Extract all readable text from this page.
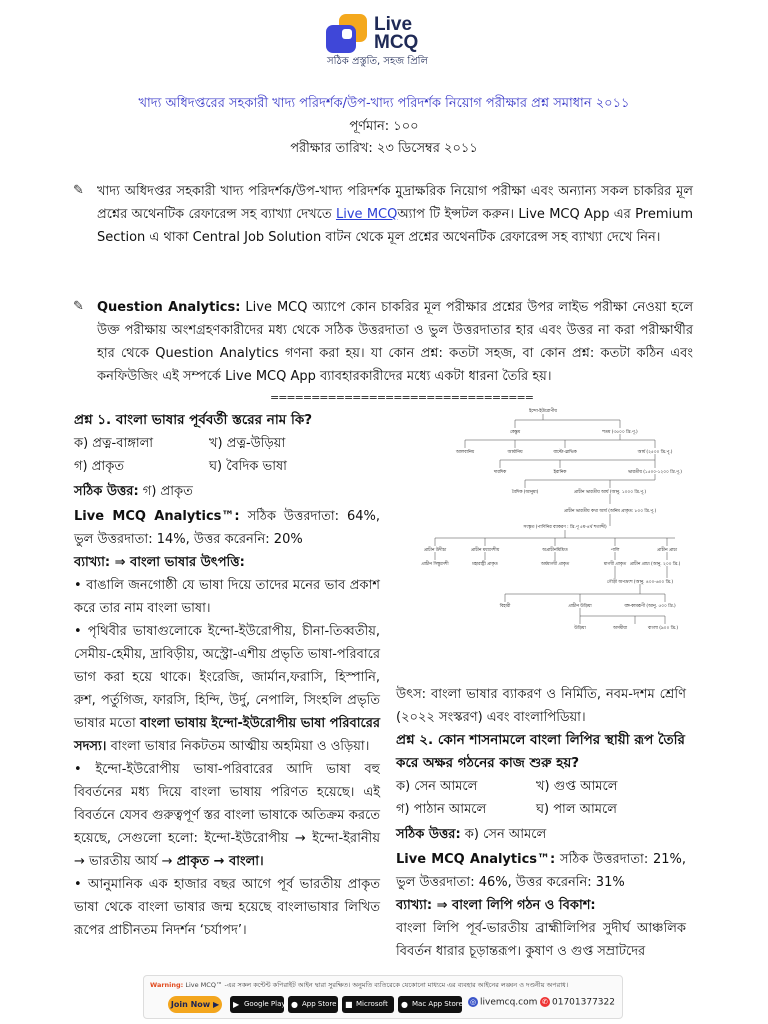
Live
MCQ
সঠিক প্রস্তুতি, সহজ প্রিলি
খাদ্য অধিদপ্তরের সহকারী খাদ্য পরিদর্শক/উপ-খাদ্য পরিদর্শক নিয়োগ পরীক্ষার প্রশ্ন সমাধান ২০১১
পূর্ণমান: ১০০
পরীক্ষার তারিখ: ২৩ ডিসেম্বর ২০১১
✎ খাদ্য অধিদপ্তর সহকারী খাদ্য পরিদর্শক/উপ-খাদ্য পরিদর্শক মুদ্রাক্ষরিক নিয়োগ পরীক্ষা এবং অন্যান্য সকল চাকরির মূল প্রশ্নের অথেনটিক রেফারেন্স সহ ব্যাখ্যা দেখতে Live MCQঅ্যাপ টি ইন্সটল করুন। Live MCQ App এর Premium Section এ থাকা Central Job Solution বাটন থেকে মূল প্রশ্নের অথেনটিক রেফারেন্স সহ ব্যাখ্যা দেখে নিন।
✎ Question Analytics: Live MCQ অ্যাপে কোন চাকরির মূল পরীক্ষার প্রশ্নের উপর লাইভ পরীক্ষা নেওয়া হলে উক্ত পরীক্ষায় অংশগ্রহণকারীদের মধ্য থেকে সঠিক উত্তরদাতা ও ভুল উত্তরদাতার হার এবং উত্তর না করা পরীক্ষার্থীর হার থেকে Question Analytics গণনা করা হয়। যা কোন প্রশ্ন: কতটা সহজ, বা কোন প্রশ্ন: কতটা কঠিন এবং কনফিউজিং এই সম্পর্কে Live MCQ App ব্যাবহারকারীদের মধ্যে একটা ধারনা তৈরি হয়।
================================
প্রশ্ন ১. বাংলা ভাষার পূর্ববর্তী স্তরের নাম কি?
ক) প্রত্ন-বাঙ্গালা	খ) প্রত্ন-উড়িয়া
গ) প্রাকৃত	ঘ) বৈদিক ভাষা
সঠিক উত্তর: গ) প্রাকৃত
Live MCQ Analytics™: সঠিক উত্তরদাতা: 64%, ভুল উত্তরদাতা: 14%, উত্তর করেননি: 20%
ব্যাখ্যা: ⇒ বাংলা ভাষার উৎপত্তি:
• বাঙালি জনগোষ্ঠী যে ভাষা দিয়ে তাদের মনের ভাব প্রকাশ করে তার নাম বাংলা ভাষা।
• পৃথিবীর ভাষাগুলোকে ইন্দো-ইউরোপীয়, চীনা-তিব্বতীয়, সেমীয়-হেমীয়, দ্রাবিড়ীয়, অস্ট্রো-এশীয় প্রভৃতি ভাষা-পরিবারে ভাগ করা হয়ে থাকে। ইংরেজি, জার্মান,ফরাসি, হিস্পানি, রুশ, পর্তুগিজ, ফারসি, হিন্দি, উর্দু, নেপালি, সিংহলি প্রভৃতি ভাষার মতো বাংলা ভাষায় ইন্দো-ইউরোপীয় ভাষা পরিবারের সদস্য। বাংলা ভাষার নিকটতম আত্মীয় অহমিয়া ও ওড়িয়া।
• ইন্দো-ইউরোপীয় ভাষা-পরিবারের আদি ভাষা বহু বিবর্তনের মধ্য দিয়ে বাংলা ভাষায় পরিণত হয়েছে। এই বিবর্তনে যেসব গুরুত্বপূর্ণ স্তর বাংলা ভাষাকে অতিক্রম করতে হয়েছে, সেগুলো হলো: ইন্দো-ইউরোপীয় → ইন্দো-ইরানীয় → ভারতীয় আর্য → প্রাকৃত → বাংলা।
• আনুমানিক এক হাজার বছর আগে পূর্ব ভারতীয় প্রাকৃত ভাষা থেকে বাংলা ভাষার জন্ম হয়েছে বাংলাভাষার লিখিত রূপের প্রাচীনতম নিদর্শন ‘চর্যাপদ’।
ইন্দো-ইউরোপীয়
কেন্তুম	শতম (৩৫০০ খ্রি.পূ.)
আলবানিয়	আর্মানিয়	বাল্টো-স্লাভিক	আর্য (২৫০০ খ্রি.পূ.)
দারদিক	ইরানিক	ভারতীয় (১৫০০-১২০০ খ্রি.পূ.)
বৈদিক (আনুমা)	প্রাচীন ভারতীয় আর্য (আনু. ১০০০ খ্রি.পূ.)
প্রাচীন ভারতীয় কথ্য আর্য (অনিম প্রাকৃত: ৮০০ খ্রি.পূ.)
সংস্কৃত (পাণিনির ব্যাকরণ : খ্রি.পূ ৫ম-৪র্থ শতাব্দী)
প্রাচীন উদীচ্য	প্রাচীন মধ্যদেশীয়	অপ্রাচীনমিশ্রিত	পালি	প্রাচীন প্রাচ্য
প্রাচীন সিন্ধুদেশী	মহারাষ্ট্রী প্রাকৃত	অর্ধমাগধী প্রাকৃত	মাগধী প্রাকৃত প্রাচীন প্রাচ্য (আনু. ২০০ খ্রি.)
গৌড়ী অপভ্রংশ (আনু. ৪০০-৬০০ খ্রি.)
বিহারী	প্রাচীন উড়িয়া	বঙ্গ-কামরূপী (আনু. ৫০০ খ্রি.)
উড়িয়া	অসমীয়া	বাংলা (৯০০ খ্রি.)
উৎস: বাংলা ভাষার ব্যাকরণ ও নির্মিতি, নবম-দশম শ্রেণি (২০২২ সংস্করণ) এবং বাংলাপিডিয়া।
প্রশ্ন ২. কোন শাসনামলে বাংলা লিপির স্থায়ী রূপ তৈরি করে অক্ষর গঠনের কাজ শুরু হয়?
ক) সেন আমলে	খ) গুপ্ত আমলে
গ) পাঠান আমলে	ঘ) পাল আমলে
সঠিক উত্তর: ক) সেন আমলে
Live MCQ Analytics™: সঠিক উত্তরদাতা: 21%, ভুল উত্তরদাতা: 46%, উত্তর করেননি: 31%
ব্যাখ্যা: ⇒ বাংলা লিপি গঠন ও বিকাশ:
বাংলা লিপি পূর্ব-ভারতীয় ব্রাহ্মীলিপির সুদীর্ঘ আঞ্চলিক বিবর্তন ধারার চূড়ান্তরূপ। কুষাণ ও গুপ্ত সম্রাটদের
Warning: Live MCQ™ -এর সকল কন্টেন্ট কপিরাইট আইন দ্বারা সুরক্ষিত। অনুমতি ব্যতিরেকে যেকোনো মাধ্যমে এর ব্যবহার আইনের লঙ্ঘন ও দণ্ডনীয় অপরাধ।
Join Now ▶	▶ Google Play ● App Store ■ Microsoft	● Mac App Store ◎ livemcq.com ✆ 01701377322
